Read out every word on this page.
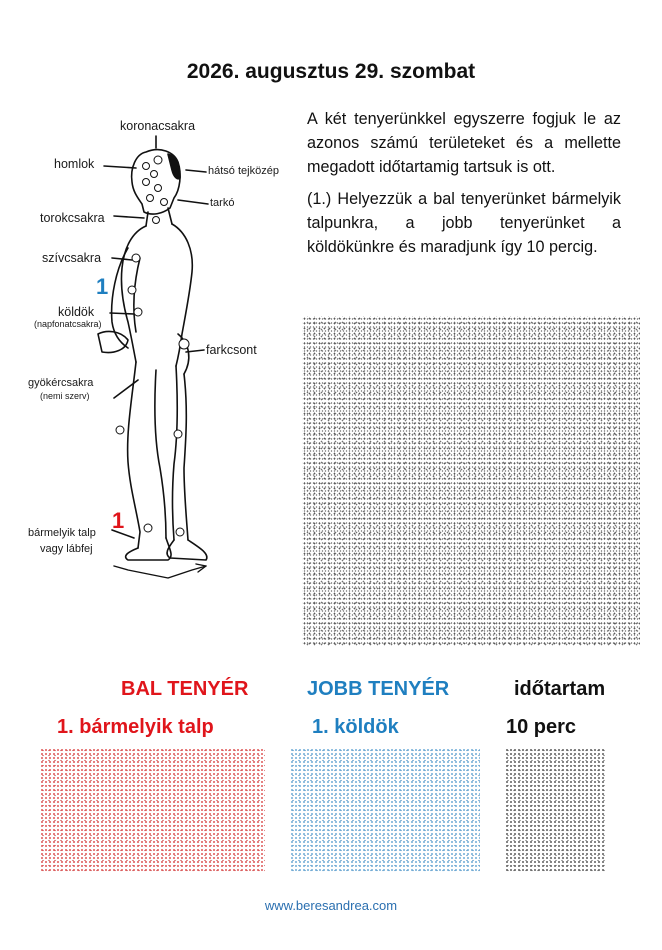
2026. augusztus 29. szombat
koronacsakra
homlok	hátsó tejközép
tarkó
torokcsakra
szívcsakra
1
köldök
(napfonatcsakra)
farkcsont
gyökércsakra
(nemi szerv)
1
bármelyik talp
vagy lábfej

A két tenyerünkkel egyszerre fogjuk le az azonos számú területeket és a mellette megadott időtartamig tartsuk is ott.

(1.) Helyezzük a bal tenyerünket bármelyik talpunkra, a jobb tenyerünket a köldökünkre és maradjunk így 10 percig.

BAL TENYÉR	JOBB TENYÉR	időtartam
1. bármelyik talp	1. köldök	10 perc
www.beresandrea.com
